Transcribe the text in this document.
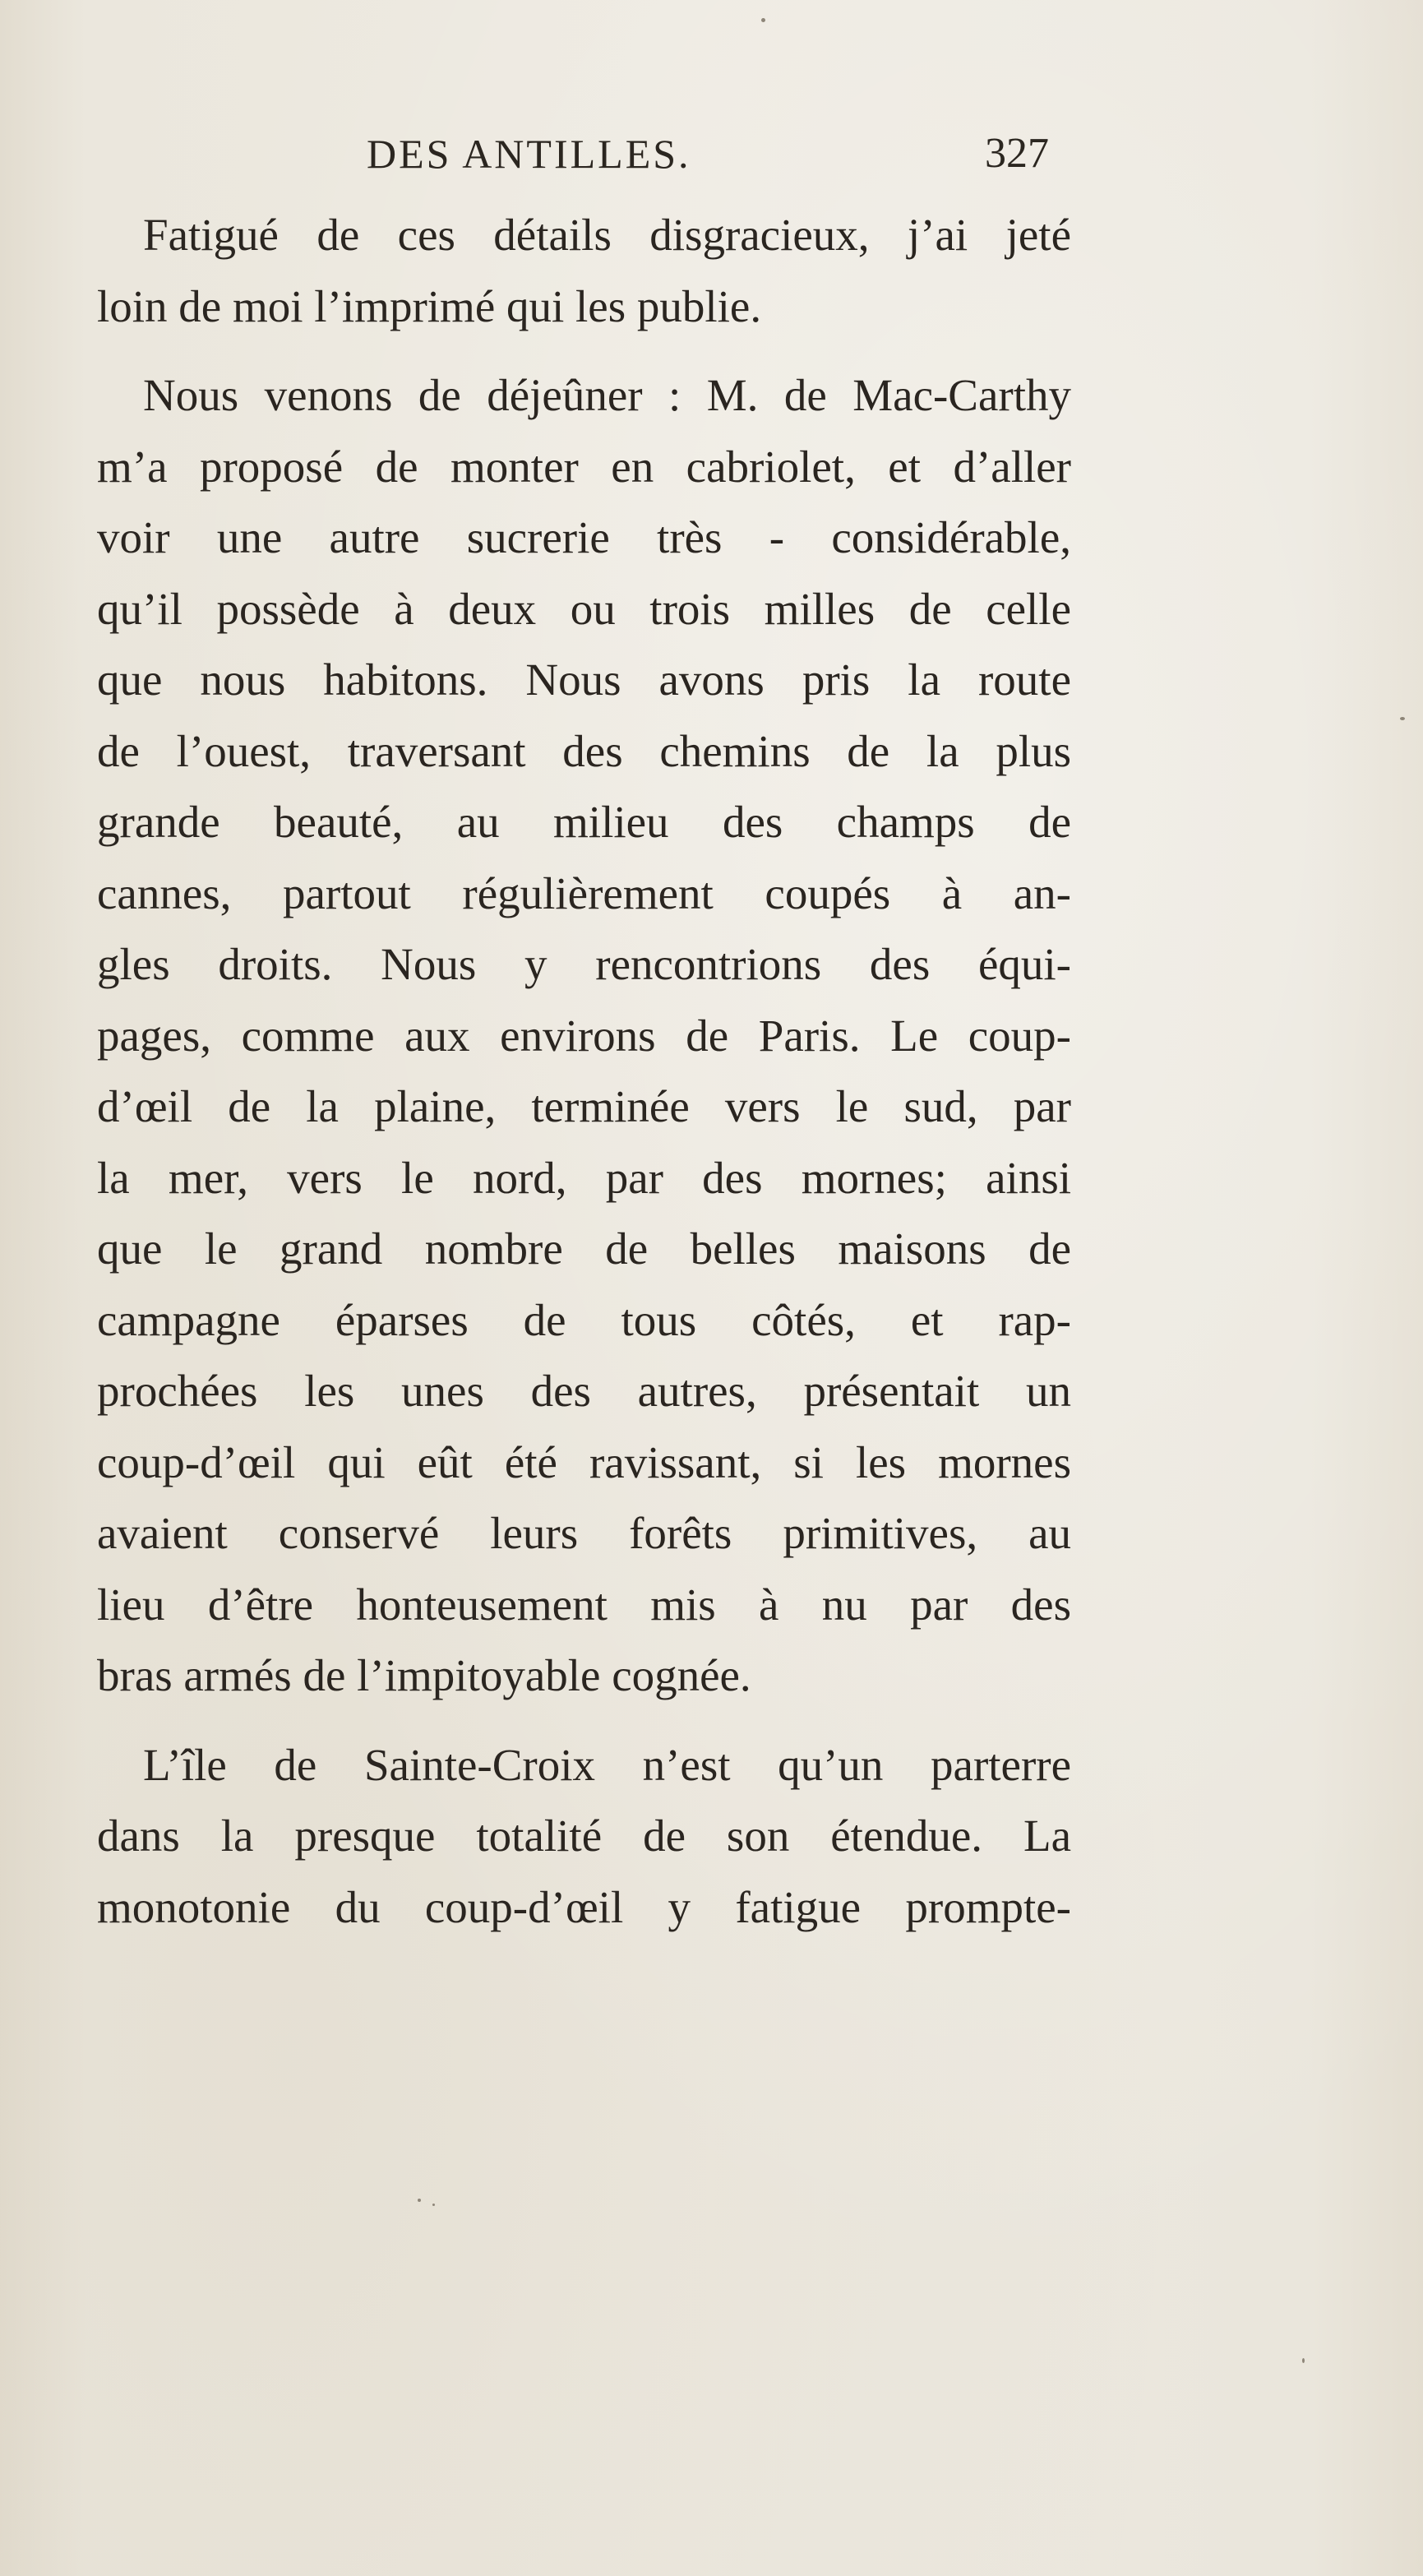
DES ANTILLES.	327
Fatigué de ces détails disgracieux, j’ai jeté
loin de moi l’imprimé qui les publie.
Nous venons de déjeûner : M. de Mac-Carthy
m’a proposé de monter en cabriolet, et d’aller
voir une autre sucrerie très - considérable,
qu’il possède à deux ou trois milles de celle
que nous habitons. Nous avons pris la route
de l’ouest, traversant des chemins de la plus
grande beauté, au milieu des champs de
cannes, partout régulièrement coupés à an-
gles droits. Nous y rencontrions des équi-
pages, comme aux environs de Paris. Le coup-
d’œil de la plaine, terminée vers le sud, par
la mer, vers le nord, par des mornes; ainsi
que le grand nombre de belles maisons de
campagne éparses de tous côtés, et rap-
prochées les unes des autres, présentait un
coup-d’œil qui eût été ravissant, si les mornes
avaient conservé leurs forêts primitives, au
lieu d’être honteusement mis à nu par des
bras armés de l’impitoyable cognée.
L’île de Sainte-Croix n’est qu’un parterre
dans la presque totalité de son étendue. La
monotonie du coup-d’œil y fatigue prompte-
